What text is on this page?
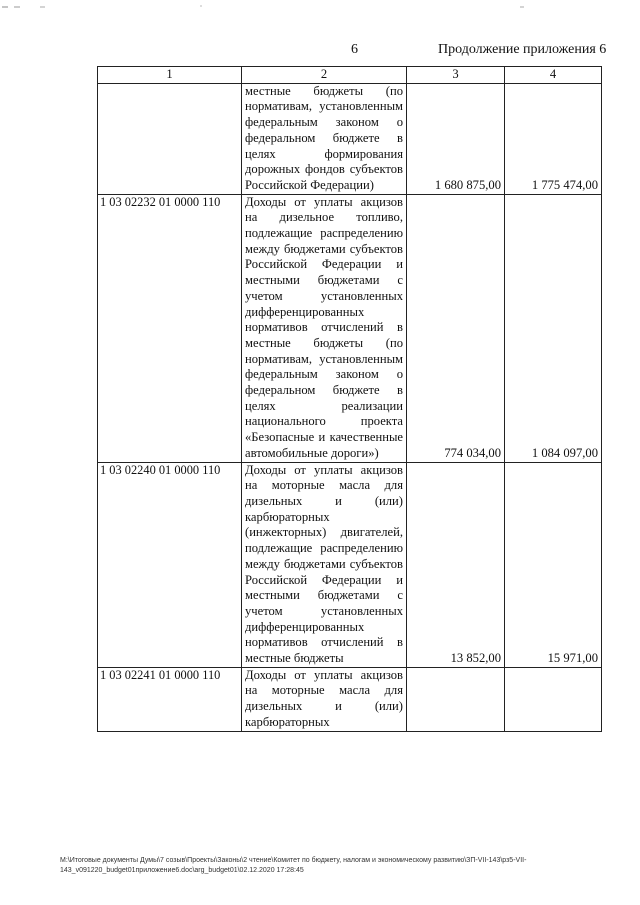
6	Продолжение приложения 6
1	2	3	4
	местные бюджеты (по нормативам, установленным федеральным законом о федеральном бюджете в целях формирования дорожных фондов субъектов Российской Федерации)	1 680 875,00	1 775 474,00
1 03 02232 01 0000 110	Доходы от уплаты акцизов на дизельное топливо, подлежащие распределению между бюджетами субъектов Российской Федерации и местными бюджетами с учетом установленных дифференцированных нормативов отчислений в местные бюджеты (по нормативам, установленным федеральным законом о федеральном бюджете в целях реализации национального проекта «Безопасные и качественные автомобильные дороги»)	774 034,00	1 084 097,00
1 03 02240 01 0000 110	Доходы от уплаты акцизов на моторные масла для дизельных и (или) карбюраторных (инжекторных) двигателей, подлежащие распределению между бюджетами субъектов Российской Федерации и местными бюджетами с учетом установленных дифференцированных нормативов отчислений в местные бюджеты	13 852,00	15 971,00
1 03 02241 01 0000 110	Доходы от уплаты акцизов на моторные масла для дизельных и (или) карбюраторных		
М:\Итоговые документы Думы\7 созыв\Проекты\Законы\2 чтение\Комитет по бюджету, налогам и экономическому развитию\ЗП-VII-143\рз5-VII-143_v091220_budget01приложение6.doc\arg_budget01\02.12.2020 17:28:45
